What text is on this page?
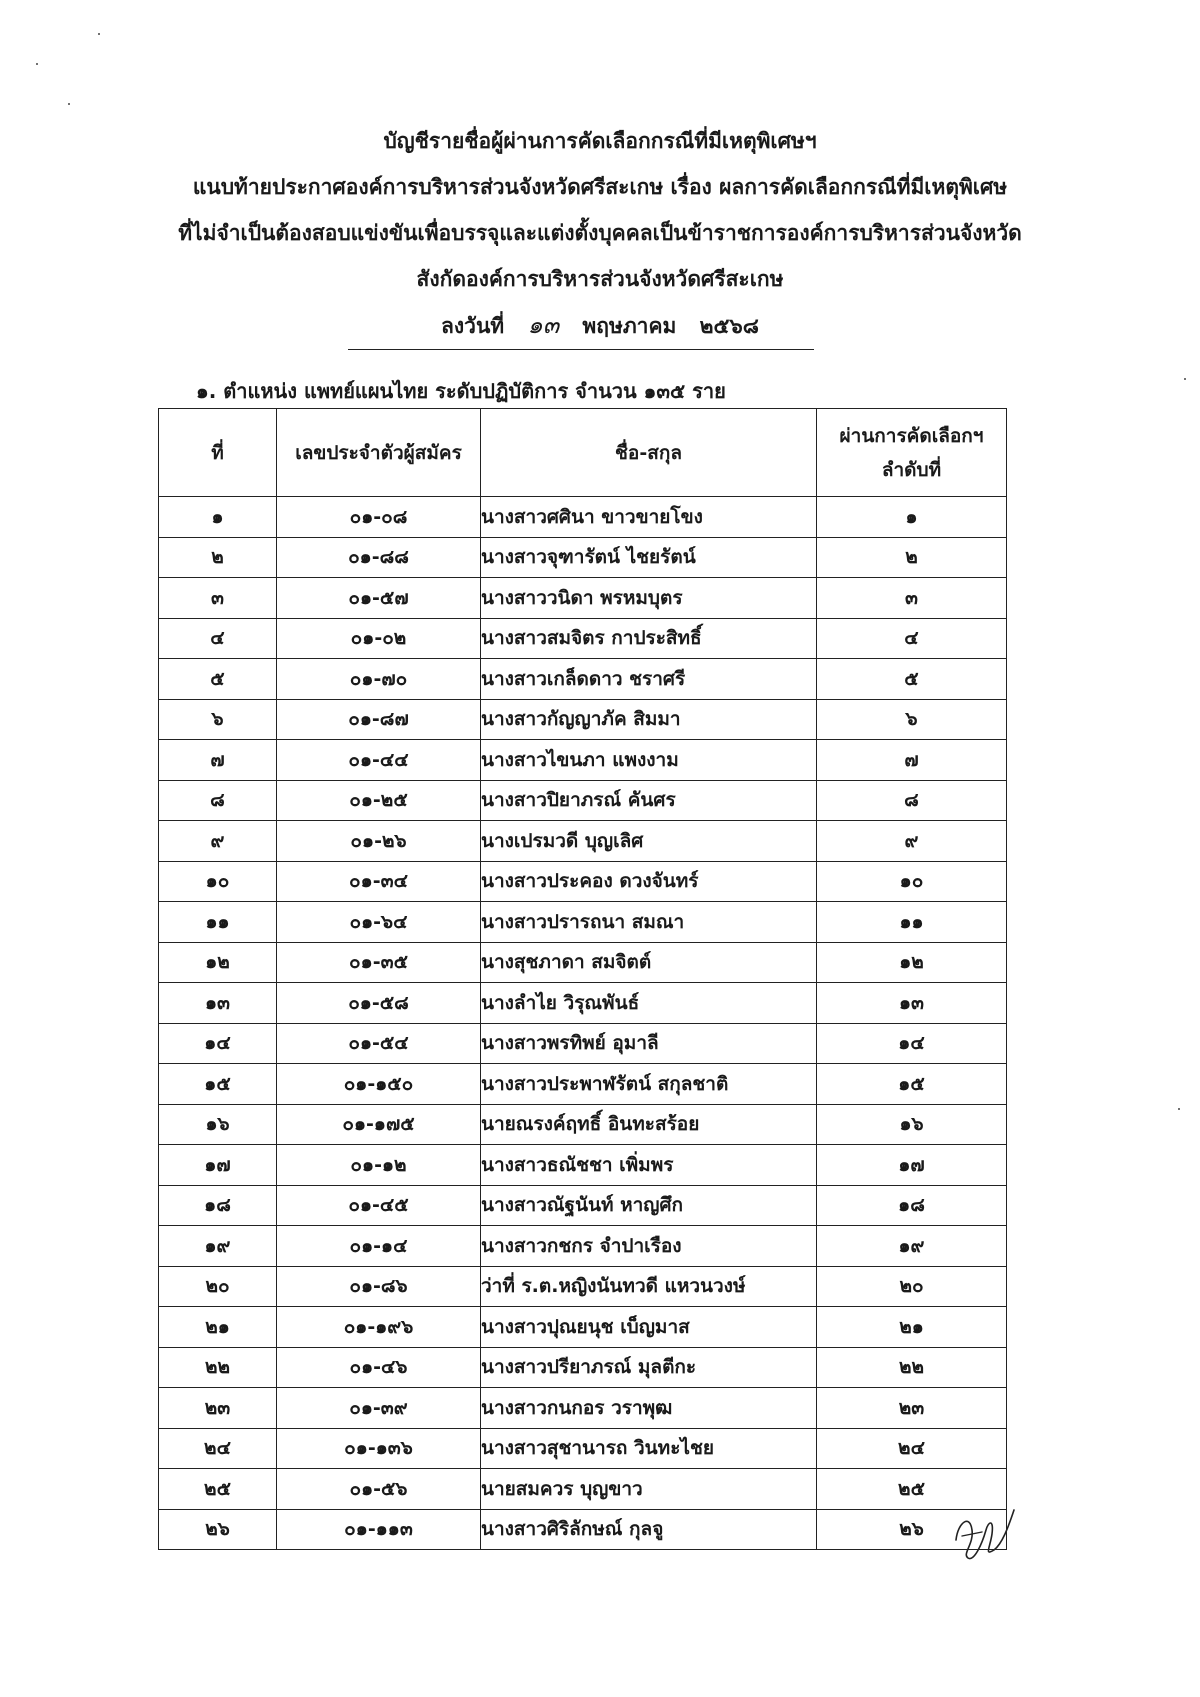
บัญชีรายชื่อผู้ผ่านการคัดเลือกกรณีที่มีเหตุพิเศษฯ
แนบท้ายประกาศองค์การบริหารส่วนจังหวัดศรีสะเกษ เรื่อง ผลการคัดเลือกกรณีที่มีเหตุพิเศษ
ที่ไม่จำเป็นต้องสอบแข่งขันเพื่อบรรจุและแต่งตั้งบุคคลเป็นข้าราชการองค์การบริหารส่วนจังหวัด
สังกัดองค์การบริหารส่วนจังหวัดศรีสะเกษ
ลงวันที่ ๑๓ พฤษภาคม ๒๕๖๘
๑. ตำแหน่ง แพทย์แผนไทย ระดับปฏิบัติการ จำนวน ๑๓๕ ราย
ที่	เลขประจำตัวผู้สมัคร	ชื่อ-สกุล	ผ่านการคัดเลือกฯ
ลำดับที่

๑	๐๑-๐๘	นางสาวศศินา ขาวขายโขง	๑
๒	๐๑-๘๘	นางสาวจุฑารัตน์ ไชยรัตน์	๒
๓	๐๑-๕๗	นางสาววนิดา พรหมบุตร	๓
๔	๐๑-๐๒	นางสาวสมจิตร กาประสิทธิ์	๔
๕	๐๑-๗๐	นางสาวเกล็ดดาว ชราศรี	๕
๖	๐๑-๘๗	นางสาวกัญญาภัค สิมมา	๖
๗	๐๑-๔๔	นางสาวไขนภา แพงงาม	๗
๘	๐๑-๒๕	นางสาวปิยาภรณ์ คันศร	๘
๙	๐๑-๒๖	นางเปรมวดี บุญเลิศ	๙
๑๐	๐๑-๓๔	นางสาวประคอง ดวงจันทร์	๑๐
๑๑	๐๑-๖๔	นางสาวปรารถนา สมณา	๑๑
๑๒	๐๑-๓๕	นางสุชภาดา สมจิตต์	๑๒
๑๓	๐๑-๕๘	นางลำไย วิรุณพันธ์	๑๓
๑๔	๐๑-๕๔	นางสาวพรทิพย์ อุมาลี	๑๔
๑๕	๐๑-๑๕๐	นางสาวประพาฬรัตน์ สกุลชาติ	๑๕
๑๖	๐๑-๑๗๕	นายณรงค์ฤทธิ์ อินทะสร้อย	๑๖
๑๗	๐๑-๑๒	นางสาวธณัชชา เพิ่มพร	๑๗
๑๘	๐๑-๔๕	นางสาวณัฐนันท์ หาญศึก	๑๘
๑๙	๐๑-๑๔	นางสาวกชกร จำปาเรือง	๑๙
๒๐	๐๑-๘๖	ว่าที่ ร.ต.หญิงนันทวดี แหวนวงษ์	๒๐
๒๑	๐๑-๑๙๖	นางสาวปุณยนุช เบ็ญมาส	๒๑
๒๒	๐๑-๔๖	นางสาวปรียาภรณ์ มุลตีกะ	๒๒
๒๓	๐๑-๓๙	นางสาวกนกอร วราพุฒ	๒๓
๒๔	๐๑-๑๓๖	นางสาวสุชานารถ วินทะไชย	๒๔
๒๕	๐๑-๕๖	นายสมควร บุญขาว	๒๕
๒๖	๐๑-๑๑๓	นางสาวศิริลักษณ์ กุลจู	๒๖
